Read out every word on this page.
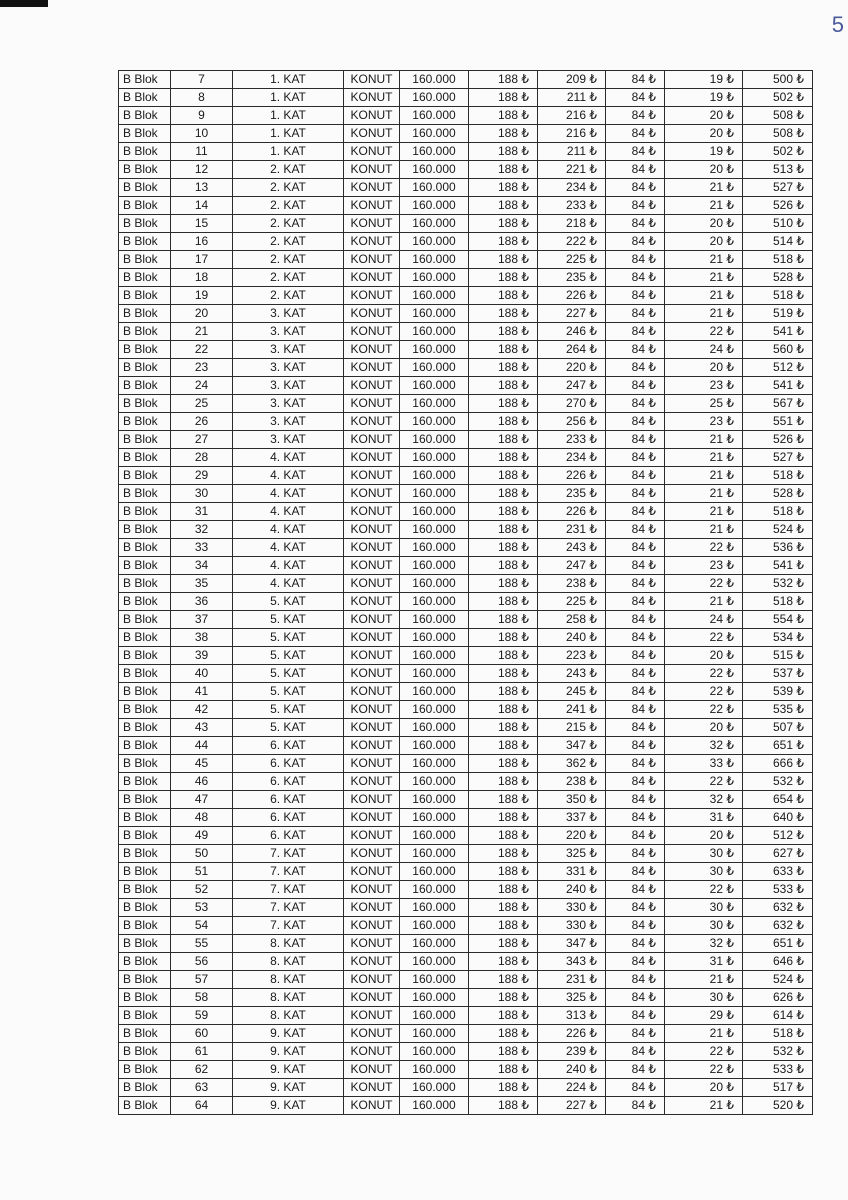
5
B Blok	7	1. KAT	KONUT	160.000	188 ₺	209 ₺	84 ₺	19 ₺	500 ₺
B Blok	8	1. KAT	KONUT	160.000	188 ₺	211 ₺	84 ₺	19 ₺	502 ₺
B Blok	9	1. KAT	KONUT	160.000	188 ₺	216 ₺	84 ₺	20 ₺	508 ₺
B Blok	10	1. KAT	KONUT	160.000	188 ₺	216 ₺	84 ₺	20 ₺	508 ₺
B Blok	11	1. KAT	KONUT	160.000	188 ₺	211 ₺	84 ₺	19 ₺	502 ₺
B Blok	12	2. KAT	KONUT	160.000	188 ₺	221 ₺	84 ₺	20 ₺	513 ₺
B Blok	13	2. KAT	KONUT	160.000	188 ₺	234 ₺	84 ₺	21 ₺	527 ₺
B Blok	14	2. KAT	KONUT	160.000	188 ₺	233 ₺	84 ₺	21 ₺	526 ₺
B Blok	15	2. KAT	KONUT	160.000	188 ₺	218 ₺	84 ₺	20 ₺	510 ₺
B Blok	16	2. KAT	KONUT	160.000	188 ₺	222 ₺	84 ₺	20 ₺	514 ₺
B Blok	17	2. KAT	KONUT	160.000	188 ₺	225 ₺	84 ₺	21 ₺	518 ₺
B Blok	18	2. KAT	KONUT	160.000	188 ₺	235 ₺	84 ₺	21 ₺	528 ₺
B Blok	19	2. KAT	KONUT	160.000	188 ₺	226 ₺	84 ₺	21 ₺	518 ₺
B Blok	20	3. KAT	KONUT	160.000	188 ₺	227 ₺	84 ₺	21 ₺	519 ₺
B Blok	21	3. KAT	KONUT	160.000	188 ₺	246 ₺	84 ₺	22 ₺	541 ₺
B Blok	22	3. KAT	KONUT	160.000	188 ₺	264 ₺	84 ₺	24 ₺	560 ₺
B Blok	23	3. KAT	KONUT	160.000	188 ₺	220 ₺	84 ₺	20 ₺	512 ₺
B Blok	24	3. KAT	KONUT	160.000	188 ₺	247 ₺	84 ₺	23 ₺	541 ₺
B Blok	25	3. KAT	KONUT	160.000	188 ₺	270 ₺	84 ₺	25 ₺	567 ₺
B Blok	26	3. KAT	KONUT	160.000	188 ₺	256 ₺	84 ₺	23 ₺	551 ₺
B Blok	27	3. KAT	KONUT	160.000	188 ₺	233 ₺	84 ₺	21 ₺	526 ₺
B Blok	28	4. KAT	KONUT	160.000	188 ₺	234 ₺	84 ₺	21 ₺	527 ₺
B Blok	29	4. KAT	KONUT	160.000	188 ₺	226 ₺	84 ₺	21 ₺	518 ₺
B Blok	30	4. KAT	KONUT	160.000	188 ₺	235 ₺	84 ₺	21 ₺	528 ₺
B Blok	31	4. KAT	KONUT	160.000	188 ₺	226 ₺	84 ₺	21 ₺	518 ₺
B Blok	32	4. KAT	KONUT	160.000	188 ₺	231 ₺	84 ₺	21 ₺	524 ₺
B Blok	33	4. KAT	KONUT	160.000	188 ₺	243 ₺	84 ₺	22 ₺	536 ₺
B Blok	34	4. KAT	KONUT	160.000	188 ₺	247 ₺	84 ₺	23 ₺	541 ₺
B Blok	35	4. KAT	KONUT	160.000	188 ₺	238 ₺	84 ₺	22 ₺	532 ₺
B Blok	36	5. KAT	KONUT	160.000	188 ₺	225 ₺	84 ₺	21 ₺	518 ₺
B Blok	37	5. KAT	KONUT	160.000	188 ₺	258 ₺	84 ₺	24 ₺	554 ₺
B Blok	38	5. KAT	KONUT	160.000	188 ₺	240 ₺	84 ₺	22 ₺	534 ₺
B Blok	39	5. KAT	KONUT	160.000	188 ₺	223 ₺	84 ₺	20 ₺	515 ₺
B Blok	40	5. KAT	KONUT	160.000	188 ₺	243 ₺	84 ₺	22 ₺	537 ₺
B Blok	41	5. KAT	KONUT	160.000	188 ₺	245 ₺	84 ₺	22 ₺	539 ₺
B Blok	42	5. KAT	KONUT	160.000	188 ₺	241 ₺	84 ₺	22 ₺	535 ₺
B Blok	43	5. KAT	KONUT	160.000	188 ₺	215 ₺	84 ₺	20 ₺	507 ₺
B Blok	44	6. KAT	KONUT	160.000	188 ₺	347 ₺	84 ₺	32 ₺	651 ₺
B Blok	45	6. KAT	KONUT	160.000	188 ₺	362 ₺	84 ₺	33 ₺	666 ₺
B Blok	46	6. KAT	KONUT	160.000	188 ₺	238 ₺	84 ₺	22 ₺	532 ₺
B Blok	47	6. KAT	KONUT	160.000	188 ₺	350 ₺	84 ₺	32 ₺	654 ₺
B Blok	48	6. KAT	KONUT	160.000	188 ₺	337 ₺	84 ₺	31 ₺	640 ₺
B Blok	49	6. KAT	KONUT	160.000	188 ₺	220 ₺	84 ₺	20 ₺	512 ₺
B Blok	50	7. KAT	KONUT	160.000	188 ₺	325 ₺	84 ₺	30 ₺	627 ₺
B Blok	51	7. KAT	KONUT	160.000	188 ₺	331 ₺	84 ₺	30 ₺	633 ₺
B Blok	52	7. KAT	KONUT	160.000	188 ₺	240 ₺	84 ₺	22 ₺	533 ₺
B Blok	53	7. KAT	KONUT	160.000	188 ₺	330 ₺	84 ₺	30 ₺	632 ₺
B Blok	54	7. KAT	KONUT	160.000	188 ₺	330 ₺	84 ₺	30 ₺	632 ₺
B Blok	55	8. KAT	KONUT	160.000	188 ₺	347 ₺	84 ₺	32 ₺	651 ₺
B Blok	56	8. KAT	KONUT	160.000	188 ₺	343 ₺	84 ₺	31 ₺	646 ₺
B Blok	57	8. KAT	KONUT	160.000	188 ₺	231 ₺	84 ₺	21 ₺	524 ₺
B Blok	58	8. KAT	KONUT	160.000	188 ₺	325 ₺	84 ₺	30 ₺	626 ₺
B Blok	59	8. KAT	KONUT	160.000	188 ₺	313 ₺	84 ₺	29 ₺	614 ₺
B Blok	60	9. KAT	KONUT	160.000	188 ₺	226 ₺	84 ₺	21 ₺	518 ₺
B Blok	61	9. KAT	KONUT	160.000	188 ₺	239 ₺	84 ₺	22 ₺	532 ₺
B Blok	62	9. KAT	KONUT	160.000	188 ₺	240 ₺	84 ₺	22 ₺	533 ₺
B Blok	63	9. KAT	KONUT	160.000	188 ₺	224 ₺	84 ₺	20 ₺	517 ₺
B Blok	64	9. KAT	KONUT	160.000	188 ₺	227 ₺	84 ₺	21 ₺	520 ₺
